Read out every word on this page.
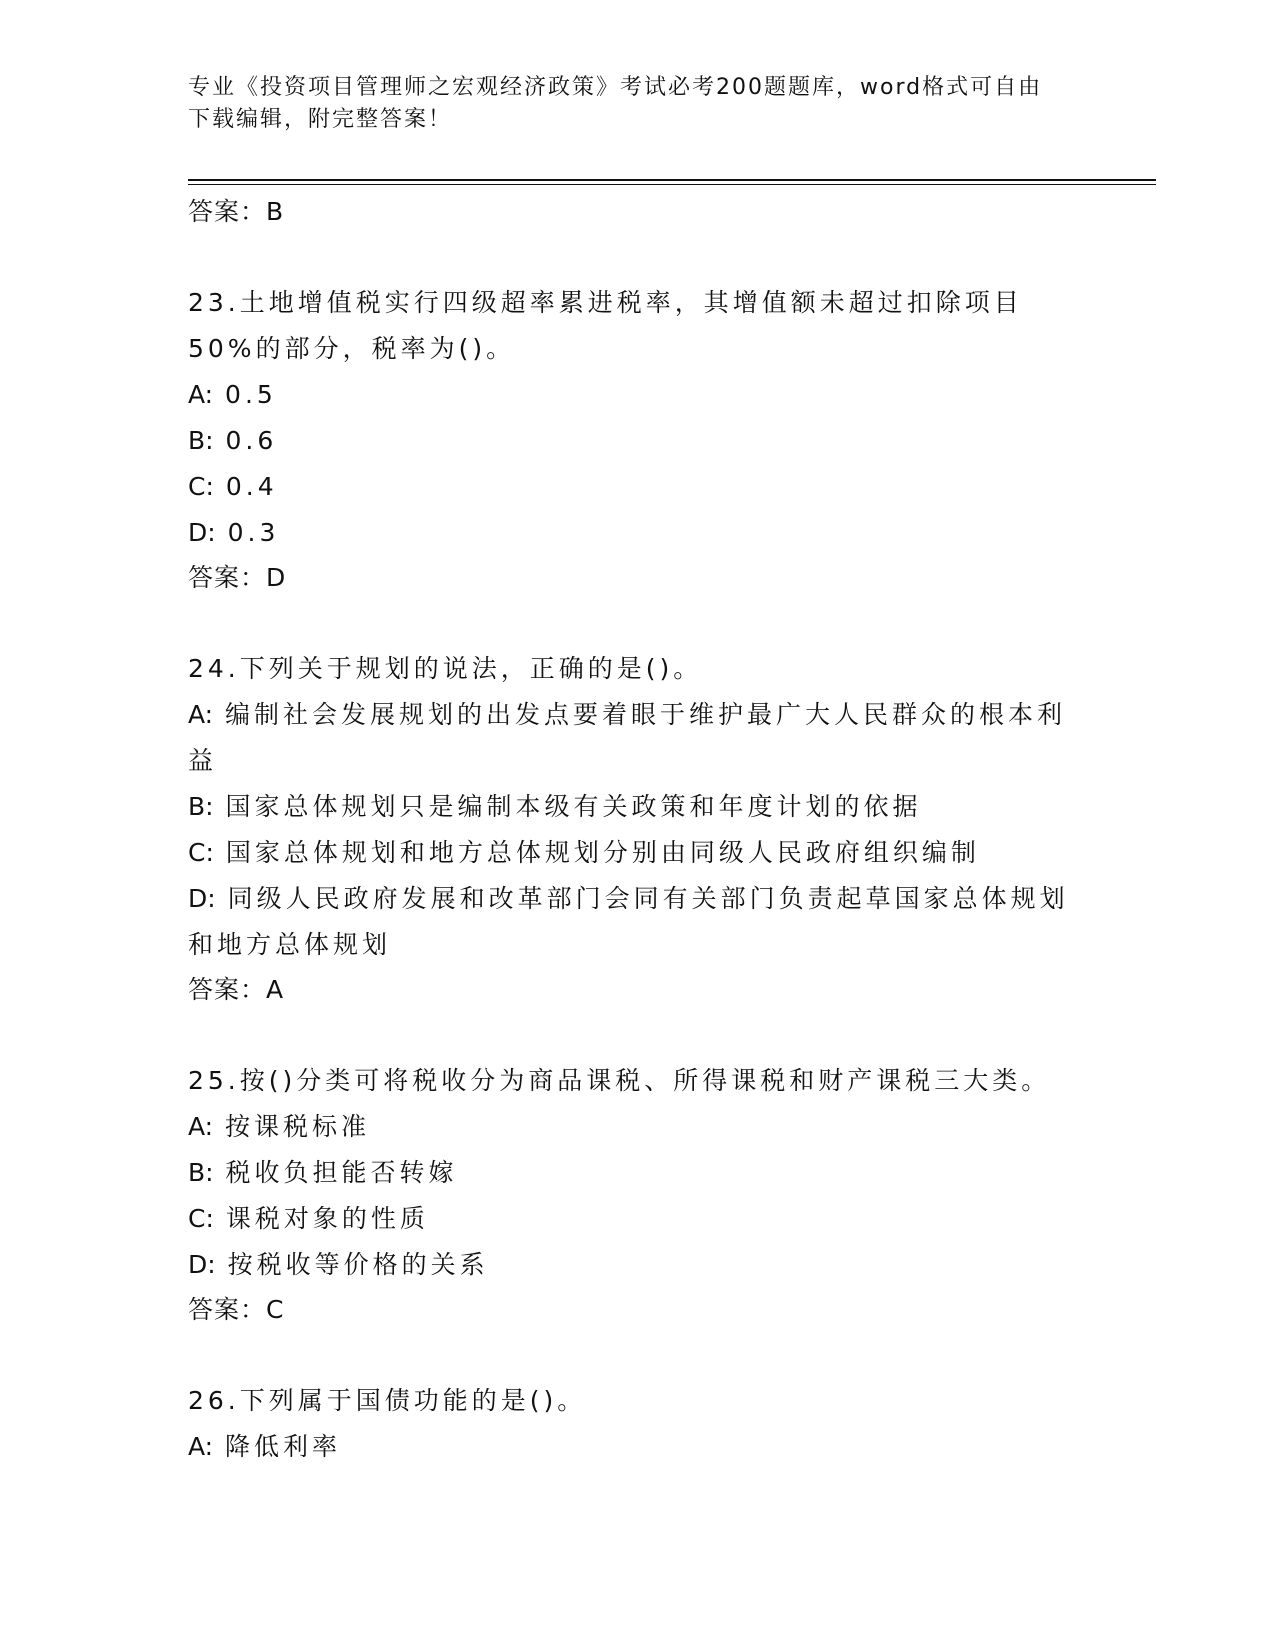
专业《投资项目管理师之宏观经济政策》考试必考200题题库，word格式可自由
下载编辑，附完整答案！
答案：B
23.土地增值税实行四级超率累进税率，其增值额未超过扣除项目50%的部分，税率为()。
A: 0.5
B: 0.6
C: 0.4
D: 0.3
答案：D
24.下列关于规划的说法，正确的是()。
A: 编制社会发展规划的出发点要着眼于维护最广大人民群众的根本利益
B: 国家总体规划只是编制本级有关政策和年度计划的依据
C: 国家总体规划和地方总体规划分别由同级人民政府组织编制
D: 同级人民政府发展和改革部门会同有关部门负责起草国家总体规划和地方总体规划
答案：A
25.按()分类可将税收分为商品课税、所得课税和财产课税三大类。
A: 按课税标准
B: 税收负担能否转嫁
C: 课税对象的性质
D: 按税收等价格的关系
答案：C
26.下列属于国债功能的是()。
A: 降低利率
